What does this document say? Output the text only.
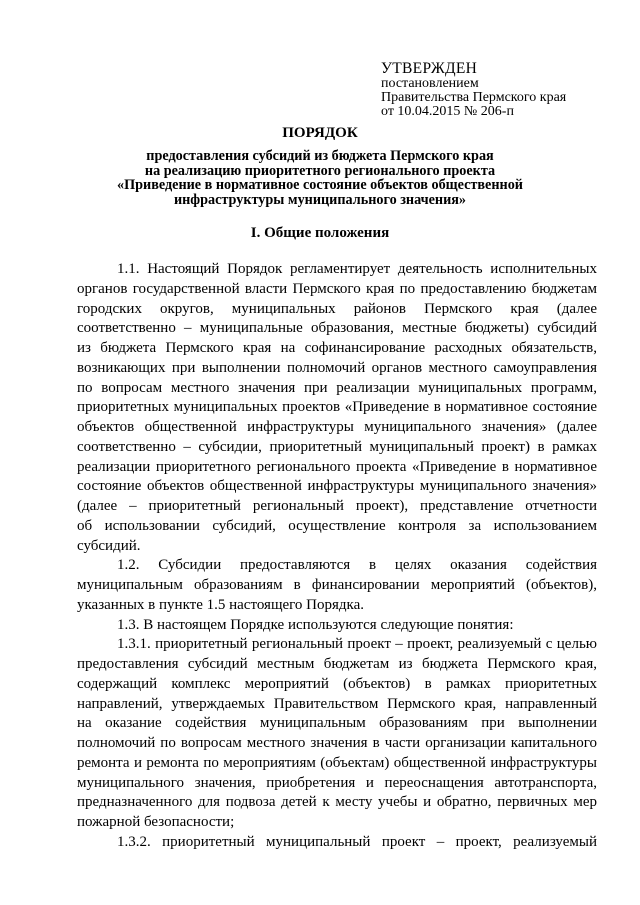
УТВЕРЖДЕН
постановлением
Правительства Пермского края
от 10.04.2015 № 206-п
ПОРЯДОК
предоставления субсидий из бюджета Пермского края
на реализацию приоритетного регионального проекта
«Приведение в нормативное состояние объектов общественной
инфраструктуры муниципального значения»
I. Общие положения
1.1. Настоящий Порядок регламентирует деятельность исполнительных
органов государственной власти Пермского края по предоставлению бюджетам
городских округов, муниципальных районов Пермского края (далее
соответственно – муниципальные образования, местные бюджеты) субсидий
из бюджета Пермского края на софинансирование расходных обязательств,
возникающих при выполнении полномочий органов местного самоуправления
по вопросам местного значения при реализации муниципальных программ,
приоритетных муниципальных проектов «Приведение в нормативное состояние
объектов общественной инфраструктуры муниципального значения» (далее
соответственно – субсидии, приоритетный муниципальный проект) в рамках
реализации приоритетного регионального проекта «Приведение в нормативное
состояние объектов общественной инфраструктуры муниципального значения»
(далее – приоритетный региональный проект), представление отчетности
об использовании субсидий, осуществление контроля за использованием
субсидий.
1.2. Субсидии предоставляются в целях оказания содействия
муниципальным образованиям в финансировании мероприятий (объектов),
указанных в пункте 1.5 настоящего Порядка.
1.3. В настоящем Порядке используются следующие понятия:
1.3.1. приоритетный региональный проект – проект, реализуемый с целью
предоставления субсидий местным бюджетам из бюджета Пермского края,
содержащий комплекс мероприятий (объектов) в рамках приоритетных
направлений, утверждаемых Правительством Пермского края, направленный
на оказание содействия муниципальным образованиям при выполнении
полномочий по вопросам местного значения в части организации капитального
ремонта и ремонта по мероприятиям (объектам) общественной инфраструктуры
муниципального значения, приобретения и переоснащения автотранспорта,
предназначенного для подвоза детей к месту учебы и обратно, первичных мер
пожарной безопасности;
1.3.2. приоритетный муниципальный проект – проект, реализуемый
